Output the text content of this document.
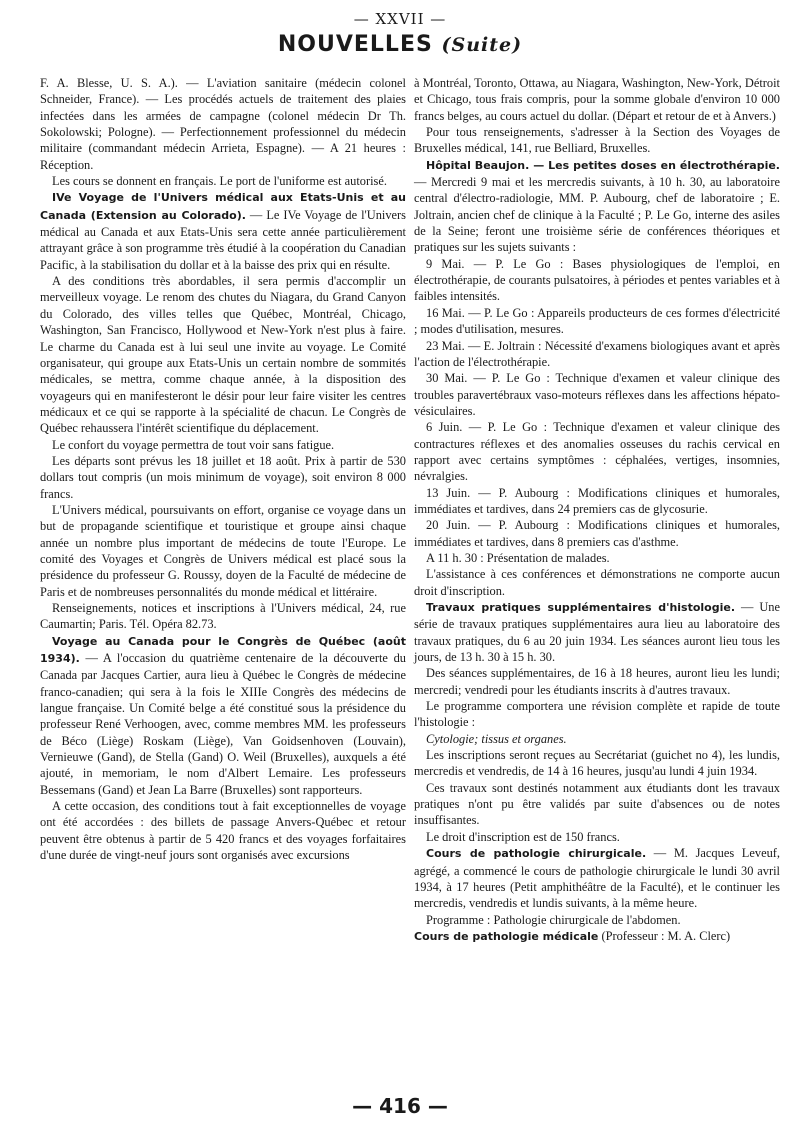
— XXVII —
NOUVELLES (Suite)

F. A. Blesse, U. S. A.). — L'aviation sanitaire (médecin colonel Schneider, France). — Les procédés actuels de traitement des plaies infectées dans les armées de campagne (colonel médecin Dr Th. Sokolowski; Pologne). — Perfectionnement professionnel du médecin militaire (commandant médecin Arrieta, Espagne). — A 21 heures : Réception.

Les cours se donnent en français. Le port de l'uniforme est autorisé.

IVe Voyage de l'Univers médical aux Etats-Unis et au Canada (Extension au Colorado). — Le IVe Voyage de l'Univers médical au Canada et aux Etats-Unis sera cette année particulièrement attrayant grâce à son programme très étudié à la coopération du Canadian Pacific, à la stabilisation du dollar et à la baisse des prix qui en résulte.

A des conditions très abordables, il sera permis d'accomplir un merveilleux voyage. Le renom des chutes du Niagara, du Grand Canyon du Colorado, des villes telles que Québec, Montréal, Chicago, Washington, San Francisco, Hollywood et New-York n'est plus à faire. Le charme du Canada est à lui seul une invite au voyage. Le Comité organisateur, qui groupe aux Etats-Unis un certain nombre de sommités médicales, se mettra, comme chaque année, à la disposition des voyageurs qui en manifesteront le désir pour leur faire visiter les centres médicaux et ce qui se rapporte à la spécialité de chacun. Le Congrès de Québec rehaussera l'intérêt scientifique du déplacement.

Le confort du voyage permettra de tout voir sans fatigue.

Les départs sont prévus les 18 juillet et 18 août. Prix à partir de 530 dollars tout compris (un mois minimum de voyage), soit environ 8 000 francs.

L'Univers médical, poursuivants on effort, organise ce voyage dans un but de propagande scientifique et touristique et groupe ainsi chaque année un nombre plus important de médecins de toute l'Europe. Le comité des Voyages et Congrès de Univers médical est placé sous la présidence du professeur G. Roussy, doyen de la Faculté de médecine de Paris et de nombreuses personnalités du monde médical et littéraire.

Renseignements, notices et inscriptions à l'Univers médical, 24, rue Caumartin; Paris. Tél. Opéra 82.73.

Voyage au Canada pour le Congrès de Québec (août 1934). — A l'occasion du quatrième centenaire de la découverte du Canada par Jacques Cartier, aura lieu à Québec le Congrès de médecine franco-canadien; qui sera à la fois le XIIIe Congrès des médecins de langue française. Un Comité belge a été constitué sous la présidence du professeur René Verhoogen, avec, comme membres MM. les professeurs de Béco (Liège) Roskam (Liège), Van Goidsenhoven (Louvain), Vernieuwe (Gand), de Stella (Gand) O. Weil (Bruxelles), auxquels a été ajouté, in memoriam, le nom d'Albert Lemaire. Les professeurs Bessemans (Gand) et Jean La Barre (Bruxelles) sont rapporteurs.

A cette occasion, des conditions tout à fait exceptionnelles de voyage ont été accordées : des billets de passage Anvers-Québec et retour peuvent être obtenus à partir de 5 420 francs et des voyages forfaitaires d'une durée de vingt-neuf jours sont organisés avec excursions

à Montréal, Toronto, Ottawa, au Niagara, Washington, New-York, Détroit et Chicago, tous frais compris, pour la somme globale d'environ 10 000 francs belges, au cours actuel du dollar. (Départ et retour de et à Anvers.)

Pour tous renseignements, s'adresser à la Section des Voyages de Bruxelles médical, 141, rue Belliard, Bruxelles.

Hôpital Beaujon. — Les petites doses en électrothérapie. — Mercredi 9 mai et les mercredis suivants, à 10 h. 30, au laboratoire central d'électro-radiologie, MM. P. Aubourg, chef de laboratoire ; E. Joltrain, ancien chef de clinique à la Faculté ; P. Le Go, interne des asiles de la Seine; feront une troisième série de conférences théoriques et pratiques sur les sujets suivants :

9 Mai. — P. Le Go : Bases physiologiques de l'emploi, en électrothérapie, de courants pulsatoires, à périodes et pentes variables et à faibles intensités.

16 Mai. — P. Le Go : Appareils producteurs de ces formes d'électricité ; modes d'utilisation, mesures.

23 Mai. — E. Joltrain : Nécessité d'examens biologiques avant et après l'action de l'électrothérapie.

30 Mai. — P. Le Go : Technique d'examen et valeur clinique des troubles paravertébraux vaso-moteurs réflexes dans les affections hépato-vésiculaires.

6 Juin. — P. Le Go : Technique d'examen et valeur clinique des contractures réflexes et des anomalies osseuses du rachis cervical en rapport avec certains symptômes : céphalées, vertiges, insomnies, névralgies.

13 Juin. — P. Aubourg : Modifications cliniques et humorales, immédiates et tardives, dans 24 premiers cas de glycosurie.

20 Juin. — P. Aubourg : Modifications cliniques et humorales, immédiates et tardives, dans 8 premiers cas d'asthme.

A 11 h. 30 : Présentation de malades.

L'assistance à ces conférences et démonstrations ne comporte aucun droit d'inscription.

Travaux pratiques supplémentaires d'histologie. — Une série de travaux pratiques supplémentaires aura lieu au laboratoire des travaux pratiques, du 6 au 20 juin 1934. Les séances auront lieu tous les jours, de 13 h. 30 à 15 h. 30.

Des séances supplémentaires, de 16 à 18 heures, auront lieu les lundi; mercredi; vendredi pour les étudiants inscrits à d'autres travaux.

Le programme comportera une révision complète et rapide de toute l'histologie :

Cytologie; tissus et organes.

Les inscriptions seront reçues au Secrétariat (guichet no 4), les lundis, mercredis et vendredis, de 14 à 16 heures, jusqu'au lundi 4 juin 1934.

Ces travaux sont destinés notamment aux étudiants dont les travaux pratiques n'ont pu être validés par suite d'absences ou de notes insuffisantes.

Le droit d'inscription est de 150 francs.

Cours de pathologie chirurgicale. — M. Jacques Leveuf, agrégé, a commencé le cours de pathologie chirurgicale le lundi 30 avril 1934, à 17 heures (Petit amphithéâtre de la Faculté), et le continuer les mercredis, vendredis et lundis suivants, à la même heure.

Programme : Pathologie chirurgicale de l'abdomen.

Cours de pathologie médicale (Professeur : M. A. Clerc)

— 416 —
